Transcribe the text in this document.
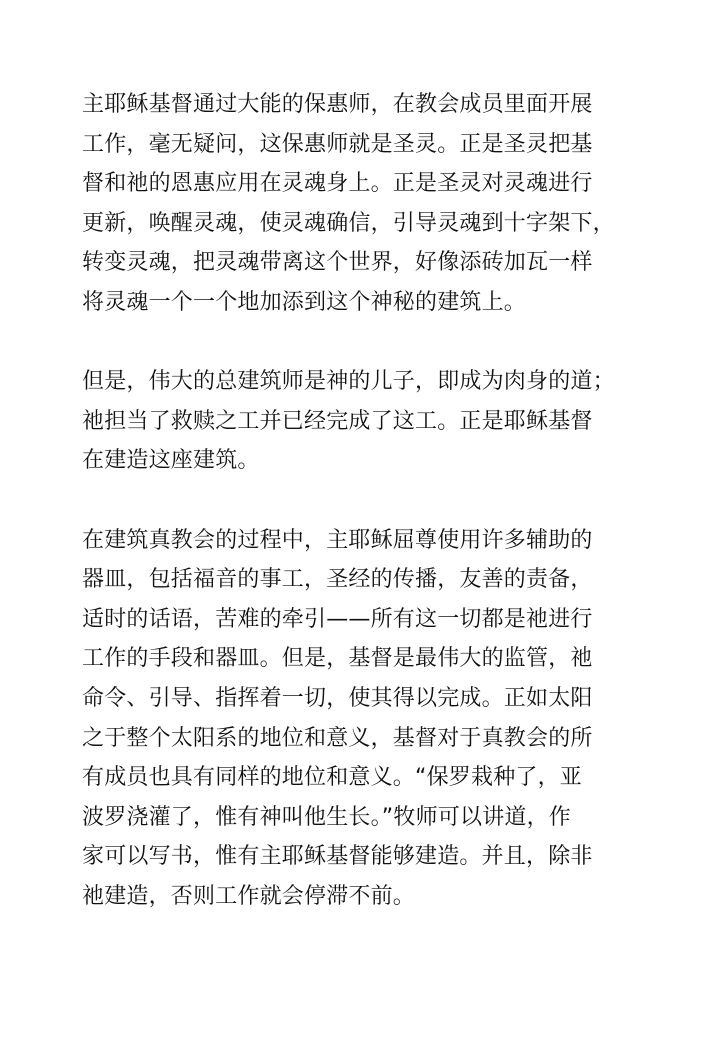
主耶稣基督通过大能的保惠师，在教会成员里面开展
工作，毫无疑问，这保惠师就是圣灵。正是圣灵把基
督和祂的恩惠应用在灵魂身上。正是圣灵对灵魂进行
更新，唤醒灵魂，使灵魂确信，引导灵魂到十字架下，
转变灵魂，把灵魂带离这个世界，好像添砖加瓦一样
将灵魂一个一个地加添到这个神秘的建筑上。
但是，伟大的总建筑师是神的儿子，即成为肉身的道；
祂担当了救赎之工并已经完成了这工。正是耶稣基督
在建造这座建筑。
在建筑真教会的过程中，主耶稣屈尊使用许多辅助的
器皿，包括福音的事工，圣经的传播，友善的责备，
适时的话语，苦难的牵引——所有这一切都是祂进行
工作的手段和器皿。但是，基督是最伟大的监管，祂
命令、引导、指挥着一切，使其得以完成。正如太阳
之于整个太阳系的地位和意义，基督对于真教会的所
有成员也具有同样的地位和意义。“保罗栽种了，亚
波罗浇灌了，惟有神叫他生长。”牧师可以讲道，作
家可以写书，惟有主耶稣基督能够建造。并且，除非
祂建造，否则工作就会停滞不前。
